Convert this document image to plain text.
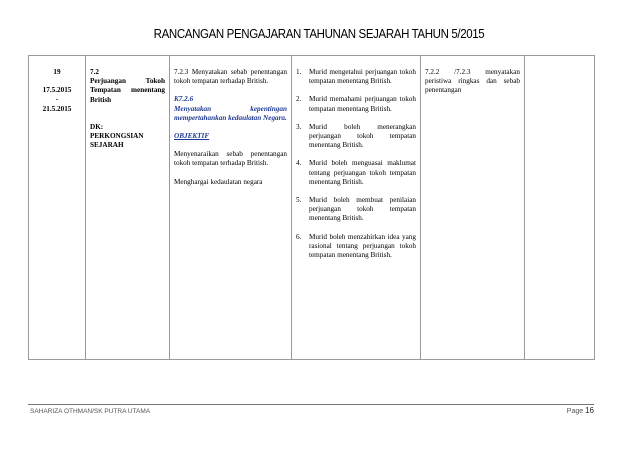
RANCANGAN PENGAJARAN TAHUNAN SEJARAH TAHUN 5/2015
19
17.5.2015
-
21.5.2015

7.2
Perjuangan Tokoh Tempatan menentang British
DK:
PERKONGSIAN SEJARAH

7.2.3 Menyatakan sebab penentangan tokoh tempatan terhadap British.
K7.2.6
Menyatakan kepentingan mempertahankan kedaulatan Negara.
OBJEKTIF
Menyenaraikan sebab penentangan tokoh tempatan terhadap British.
Menghargai kedaulatan negara

1.	Murid mengetahui perjuangan tokoh tempatan menentang British.
2.	Murid memahami perjuangan tokoh tempatan menentang British.
3.	Murid boleh menerangkan perjuangan tokoh tempatan menentang British.
4.	Murid boleh menguasai maklumat tentang perjuangan tokoh tempatan menentang British.
5.	Murid boleh membuat penilaian perjuangan tokoh tempatan menentang British.
6.	Murid boleh menzahirkan idea yang rasional tentang perjuangan tokoh tempatan menentang British.

7.2.2 /7.2.3 menyatakan peristiwa ringkas dan sebab penentangan

SAHARIZA OTHMAN/SK PUTRA UTAMA	Page 16
